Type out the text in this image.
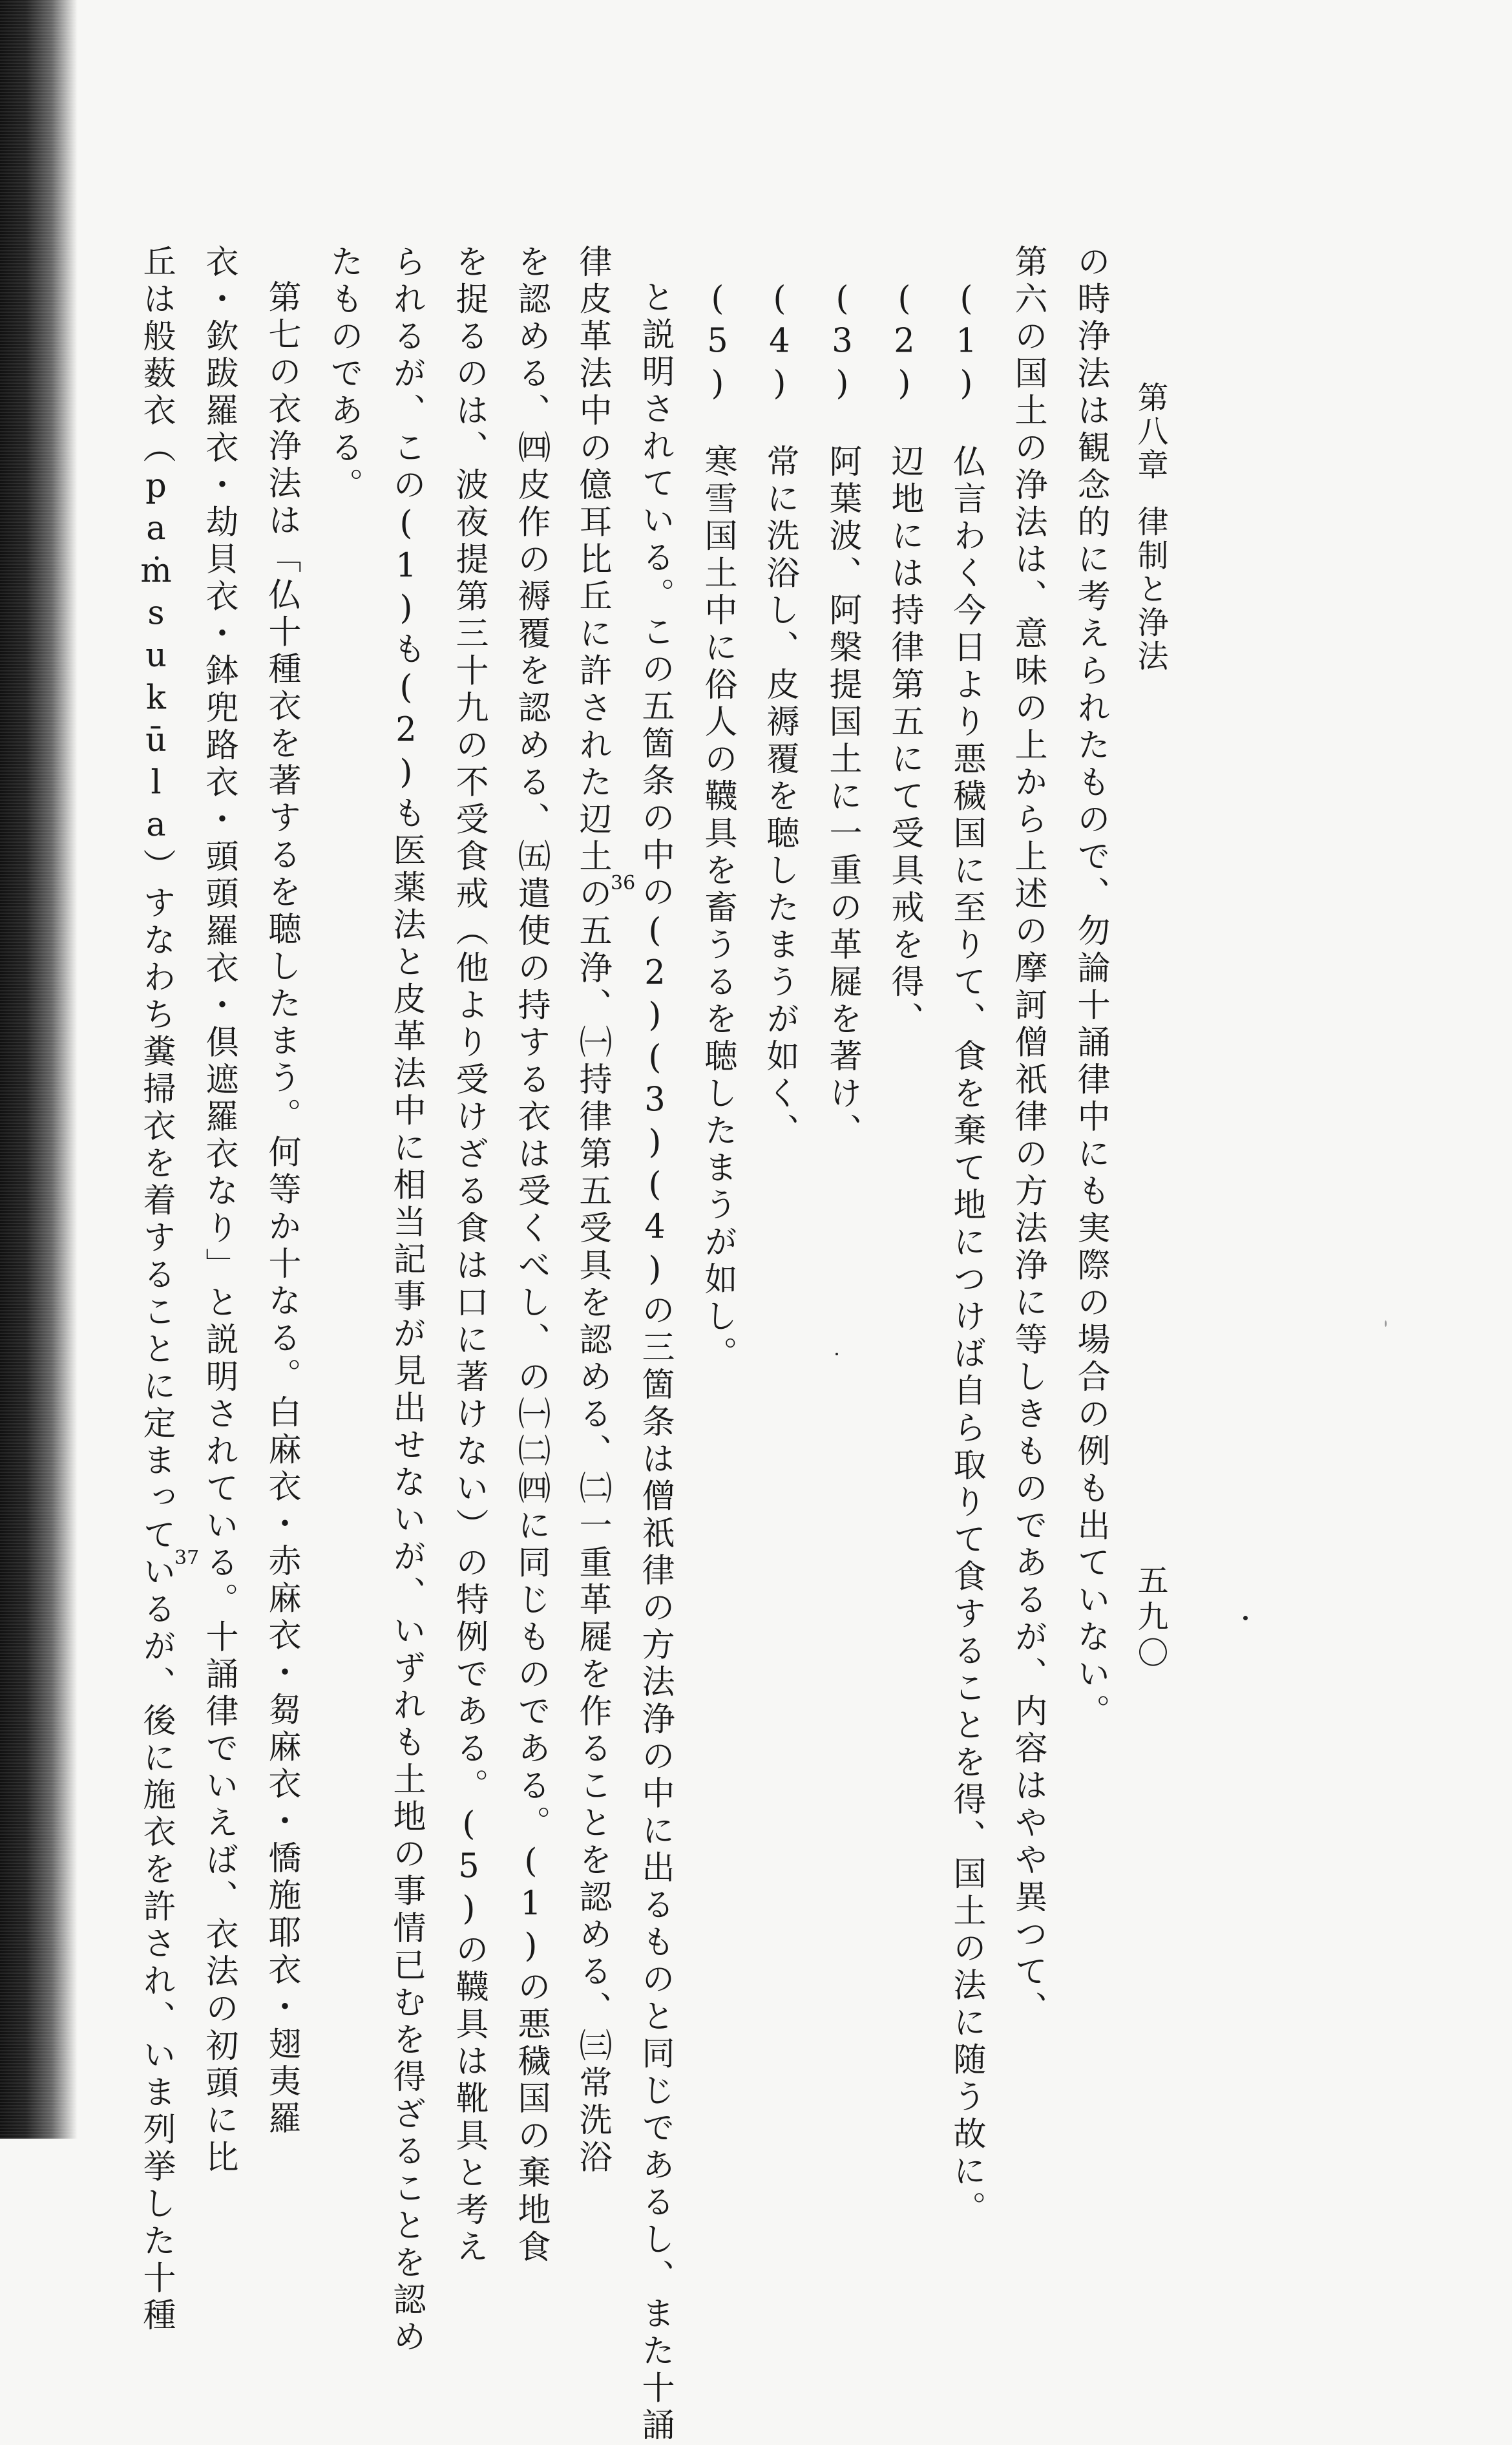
第八章律制と浄法
五九〇
の時浄法は観念的に考えられたもので、勿論十誦律中にも実際の場合の例も出ていない。
第六の国土の浄法は、意味の上から上述の摩訶僧祇律の方法浄に等しきものであるが、内容はやや異つて、
(1)　仏言わく今日より悪穢国に至りて、食を棄て地につけば自ら取りて食することを得、国土の法に随う故に。
(2)　辺地には持律第五にて受具戒を得、
(3)　阿葉波、阿槃提国土に一重の革屣を著け、
(4)　常に洗浴し、皮褥覆を聴したまうが如く、
(5)　寒雪国土中に俗人の韈具を畜うるを聴したまうが如し。
と説明されている。この五箇条の中の(2)(3)(4)の三箇条は僧祇律の方法浄の中に出るものと同じであるし、また十誦
律皮革法中の億耳比丘に許された辺土の五浄、㈠持律第五受具を認める、㈡一重革屣を作ることを認める、㈢常洗浴
を認める、㈣皮作の褥覆を認める、㈤遣使の持する衣は受くべし、の㈠㈡㈣に同じものである。(1)の悪穢国の棄地食
を捉るのは、波夜提第三十九の不受食戒（他より受けざる食は口に著けない）の特例である。(5)の韈具は靴具と考え
られるが、この(1)も(2)も医薬法と皮革法中に相当記事が見出せないが、いずれも土地の事情已むを得ざることを認め
たものである。
第七の衣浄法は「仏十種衣を著するを聴したまう。何等か十なる。白麻衣・赤麻衣・芻麻衣・憍施耶衣・翅夷羅
衣・欽跋羅衣・劫貝衣・鉢兜路衣・頭頭羅衣・倶遮羅衣なり」と説明されている。十誦律でいえば、衣法の初頭に比
丘は般薮衣（paṁsukūla）すなわち糞掃衣を着することに定まっているが、後に施衣を許され、いま列挙した十種	36
37
